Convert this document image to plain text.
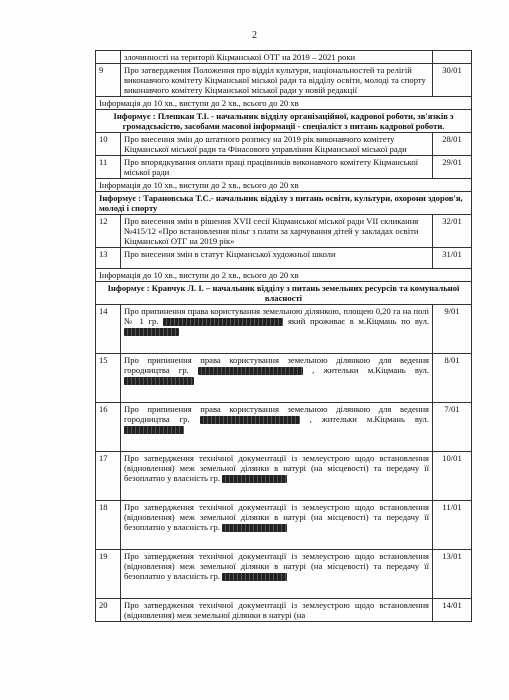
2
	злочинності на території Кіцманської ОТГ на 2019 – 2021 роки	
9	Про затвердження Положення про відділ культури, національностей та релігій виконавчого комітету Кіцманської міської ради та відділу освіти, молоді та спорту виконавчого комітету Кіцманської міської ради у новій редакції	30/01
Інформація до 10 хв., виступи до 2 хв., всього до 20 хв		
Інформує : Плешкан Т.І. - начальник відділу організаційної, кадрової роботи, зв'язків з громадськістю, засобами масової інформації - спеціаліст з питань кадрової роботи.		
10	Про внесення змін до штатного розпису на 2019 рік виконавчого комітету Кіцманської міської ради та Фінасового управління Кіцманської міської ради	28/01
11	Про впорядкування оплати праці працівників виконавчого комітету Кіцманської міської ради	29/01
Інформація до 10 хв., виступи до 2 хв., всього до 20 хв		
Інформує : Тарановська Т.С.- начальник відділу з питань освіти, культури, охорони здоров'я, молоді і спорту		
12	Про внесення змін в рішення XVII сесії Кіцманської міської ради VII скликання №415/12 «Про встановлення пільг з плати за харчування дітей у закладах освіти Кіцманської ОТГ на 2019 рік»	32/01
13	Про внесення змін в статут Кіцманської художньої школи	31/01
Інформація до 10 хв., виступи до 2 хв., всього до 20 хв		
Інформує : Кравчук Л. І. – начальник відділу з питань земельних ресурсів та комунальної власності		
14	Про припинення права користування земельною ділянкою, площею 0,20 га на полі № 1 гр. який проживає в м.Кіцмань по вул.	9/01
15	Про припинення права користування земельною ділянкою для ведення городництва гр. , жительки м.Кіцмань вул.	8/01
16	Про припинення права користування земельною ділянкою для ведення городництва гр. , жительки м.Кіцмань вул.	7/01
17	Про затвердження технічної документації із землеустрою щодо встановлення (відновлення) меж земельної ділянки в натурі (на місцевості) та передачу її безоплатно у власність гр.	10/01
18	Про затвердження технічної документації із землеустрою щодо встановлення (відновлення) меж земельної ділянки в натурі (на місцевості) та передачу її безоплатно у власність гр.	11/01
19	Про затвердження технічної документації із землеустрою щодо встановлення (відновлення) меж земельної ділянки в натурі (на місцевості) та передачу її безоплатно у власність гр.	13/01
20	Про затвердження технічної документації із землеустрою щодо встановлення (відновлення) меж земельної ділянки в натурі (на	14/01
